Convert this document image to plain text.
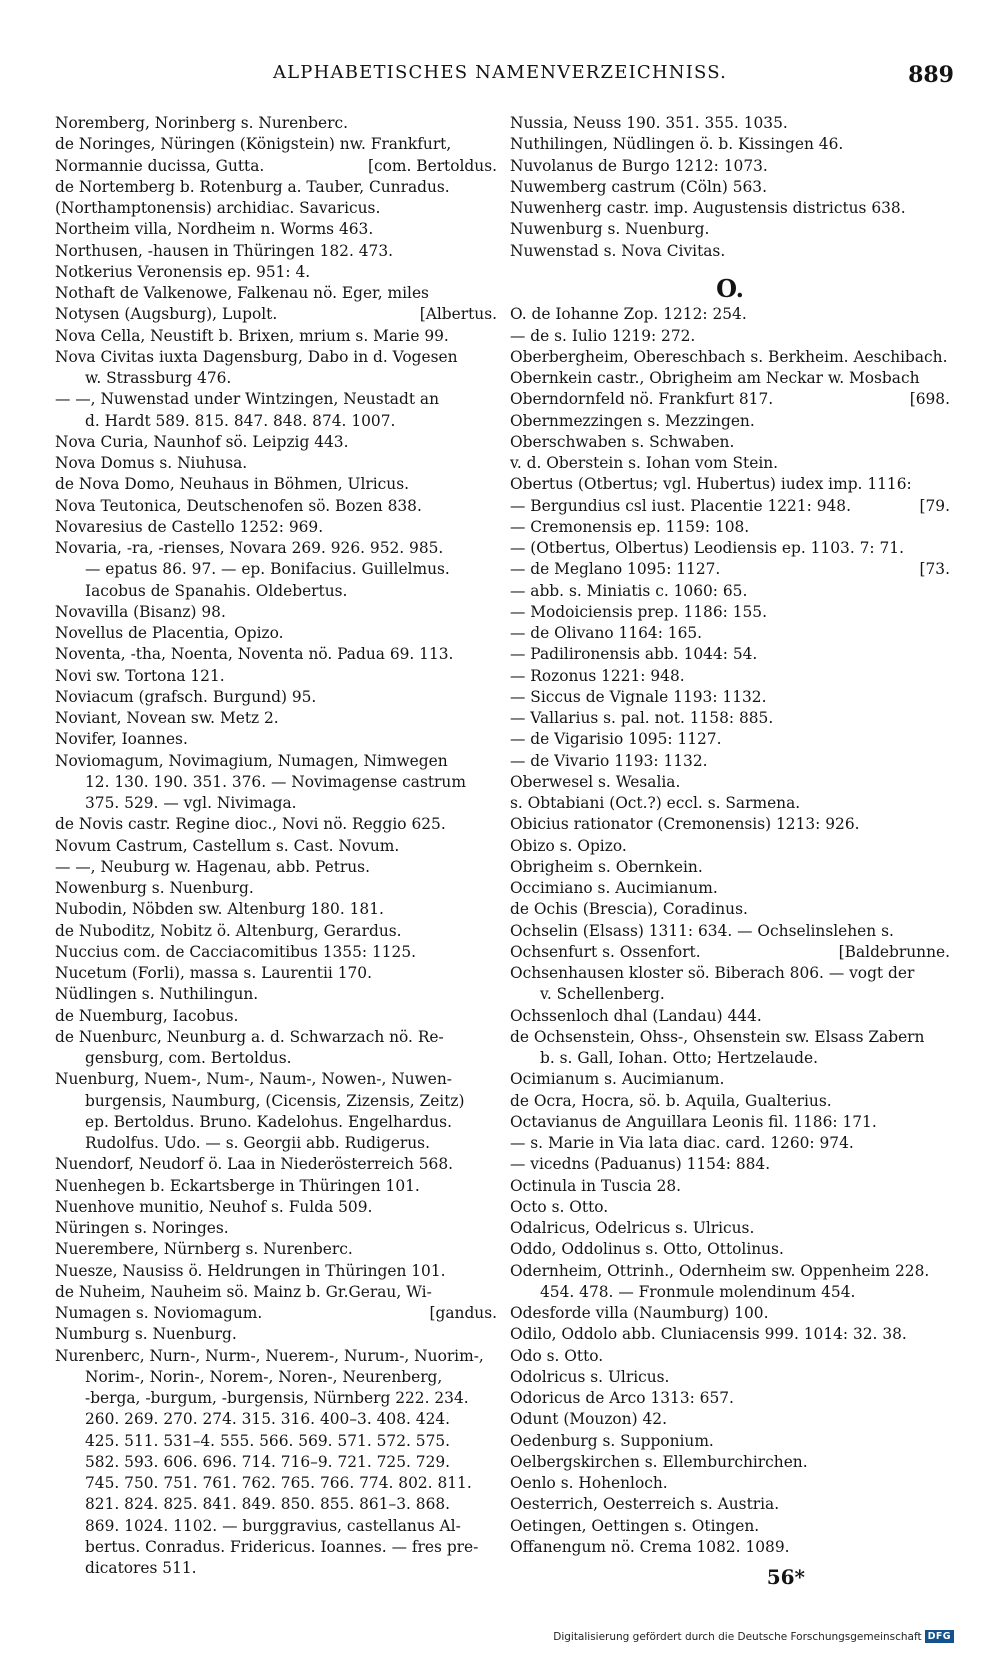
ALPHABETISCHES NAMENVERZEICHNISS.	889
Noremberg, Norinberg s. Nurenberc.
de Noringes, Nüringen (Königstein) nw. Frankfurt,
Normannie ducissa, Gutta.	[com. Bertoldus.
de Nortemberg b. Rotenburg a. Tauber, Cunradus.
(Northamptonensis) archidiac. Savaricus.
Northeim villa, Nordheim n. Worms 463.
Northusen, -hausen in Thüringen 182. 473.
Notkerius Veronensis ep. 951: 4.
Nothaft de Valkenowe, Falkenau nö. Eger, miles
Notysen (Augsburg), Lupolt.	[Albertus.
Nova Cella, Neustift b. Brixen, mrium s. Marie 99.
Nova Civitas iuxta Dagensburg, Dabo in d. Vogesen
w. Strassburg 476.
— —, Nuwenstad under Wintzingen, Neustadt an
d. Hardt 589. 815. 847. 848. 874. 1007.
Nova Curia, Naunhof sö. Leipzig 443.
Nova Domus s. Niuhusa.
de Nova Domo, Neuhaus in Böhmen, Ulricus.
Nova Teutonica, Deutschenofen sö. Bozen 838.
Novaresius de Castello 1252: 969.
Novaria, -ra, -rienses, Novara 269. 926. 952. 985.
— epatus 86. 97. — ep. Bonifacius. Guillelmus.
Iacobus de Spanahis. Oldebertus.
Novavilla (Bisanz) 98.
Novellus de Placentia, Opizo.
Noventa, -tha, Noenta, Noventa nö. Padua 69. 113.
Novi sw. Tortona 121.
Noviacum (grafsch. Burgund) 95.
Noviant, Novean sw. Metz 2.
Novifer, Ioannes.
Noviomagum, Novimagium, Numagen, Nimwegen
12. 130. 190. 351. 376. — Novimagense castrum
375. 529. — vgl. Nivimaga.
de Novis castr. Regine dioc., Novi nö. Reggio 625.
Novum Castrum, Castellum s. Cast. Novum.
— —, Neuburg w. Hagenau, abb. Petrus.
Nowenburg s. Nuenburg.
Nubodin, Nöbden sw. Altenburg 180. 181.
de Nuboditz, Nobitz ö. Altenburg, Gerardus.
Nuccius com. de Cacciacomitibus 1355: 1125.
Nucetum (Forli), massa s. Laurentii 170.
Nüdlingen s. Nuthilingun.
de Nuemburg, Iacobus.
de Nuenburc, Neunburg a. d. Schwarzach nö. Re-
gensburg, com. Bertoldus.
Nuenburg, Nuem-, Num-, Naum-, Nowen-, Nuwen-
burgensis, Naumburg, (Cicensis, Zizensis, Zeitz)
ep. Bertoldus. Bruno. Kadelohus. Engelhardus.
Rudolfus. Udo. — s. Georgii abb. Rudigerus.
Nuendorf, Neudorf ö. Laa in Niederösterreich 568.
Nuenhegen b. Eckartsberge in Thüringen 101.
Nuenhove munitio, Neuhof s. Fulda 509.
Nüringen s. Noringes.
Nuerembere, Nürnberg s. Nurenberc.
Nuesze, Nausiss ö. Heldrungen in Thüringen 101.
de Nuheim, Nauheim sö. Mainz b. Gr.Gerau, Wi-
Numagen s. Noviomagum.	[gandus.
Numburg s. Nuenburg.
Nurenberc, Nurn-, Nurm-, Nuerem-, Nurum-, Nuorim-,
Norim-, Norin-, Norem-, Noren-, Neurenberg,
-berga, -burgum, -burgensis, Nürnberg 222. 234.
260. 269. 270. 274. 315. 316. 400–3. 408. 424.
425. 511. 531–4. 555. 566. 569. 571. 572. 575.
582. 593. 606. 696. 714. 716–9. 721. 725. 729.
745. 750. 751. 761. 762. 765. 766. 774. 802. 811.
821. 824. 825. 841. 849. 850. 855. 861–3. 868.
869. 1024. 1102. — burggravius, castellanus Al-
bertus. Conradus. Fridericus. Ioannes. — fres pre-
dicatores 511.
Nussia, Neuss 190. 351. 355. 1035.
Nuthilingen, Nüdlingen ö. b. Kissingen 46.
Nuvolanus de Burgo 1212: 1073.
Nuwemberg castrum (Cöln) 563.
Nuwenherg castr. imp. Augustensis districtus 638.
Nuwenburg s. Nuenburg.
Nuwenstad s. Nova Civitas.
O.
O. de Iohanne Zop. 1212: 254.
— de s. Iulio 1219: 272.
Oberbergheim, Obereschbach s. Berkheim. Aeschibach.
Obernkein castr., Obrigheim am Neckar w. Mosbach
Oberndornfeld nö. Frankfurt 817.	[698.
Obernmezzingen s. Mezzingen.
Oberschwaben s. Schwaben.
v. d. Oberstein s. Iohan vom Stein.
Obertus (Otbertus; vgl. Hubertus) iudex imp. 1116:
— Bergundius csl iust. Placentie 1221: 948.	[79.
— Cremonensis ep. 1159: 108.
— (Otbertus, Olbertus) Leodiensis ep. 1103. 7: 71.
— de Meglano 1095: 1127.	[73.
— abb. s. Miniatis c. 1060: 65.
— Modoiciensis prep. 1186: 155.
— de Olivano 1164: 165.
— Padilironensis abb. 1044: 54.
— Rozonus 1221: 948.
— Siccus de Vignale 1193: 1132.
— Vallarius s. pal. not. 1158: 885.
— de Vigarisio 1095: 1127.
— de Vivario 1193: 1132.
Oberwesel s. Wesalia.
s. Obtabiani (Oct.?) eccl. s. Sarmena.
Obicius rationator (Cremonensis) 1213: 926.
Obizo s. Opizo.
Obrigheim s. Obernkein.
Occimiano s. Aucimianum.
de Ochis (Brescia), Coradinus.
Ochselin (Elsass) 1311: 634. — Ochselinslehen s.
Ochsenfurt s. Ossenfort.	[Baldebrunne.
Ochsenhausen kloster sö. Biberach 806. — vogt der
v. Schellenberg.
Ochssenloch dhal (Landau) 444.
de Ochsenstein, Ohss-, Ohsenstein sw. Elsass Zabern
b. s. Gall, Iohan. Otto; Hertzelaude.
Ocimianum s. Aucimianum.
de Ocra, Hocra, sö. b. Aquila, Gualterius.
Octavianus de Anguillara Leonis fil. 1186: 171.
— s. Marie in Via lata diac. card. 1260: 974.
— vicedns (Paduanus) 1154: 884.
Octinula in Tuscia 28.
Octo s. Otto.
Odalricus, Odelricus s. Ulricus.
Oddo, Oddolinus s. Otto, Ottolinus.
Odernheim, Ottrinh., Odernheim sw. Oppenheim 228.
454. 478. — Fronmule molendinum 454.
Odesforde villa (Naumburg) 100.
Odilo, Oddolo abb. Cluniacensis 999. 1014: 32. 38.
Odo s. Otto.
Odolricus s. Ulricus.
Odoricus de Arco 1313: 657.
Odunt (Mouzon) 42.
Oedenburg s. Supponium.
Oelbergskirchen s. Ellemburchirchen.
Oenlo s. Hohenloch.
Oesterrich, Oesterreich s. Austria.
Oetingen, Oettingen s. Otingen.
Offanengum nö. Crema 1082. 1089.
56*
Digitalisierung gefördert durch die Deutsche Forschungsgemeinschaft DFG
